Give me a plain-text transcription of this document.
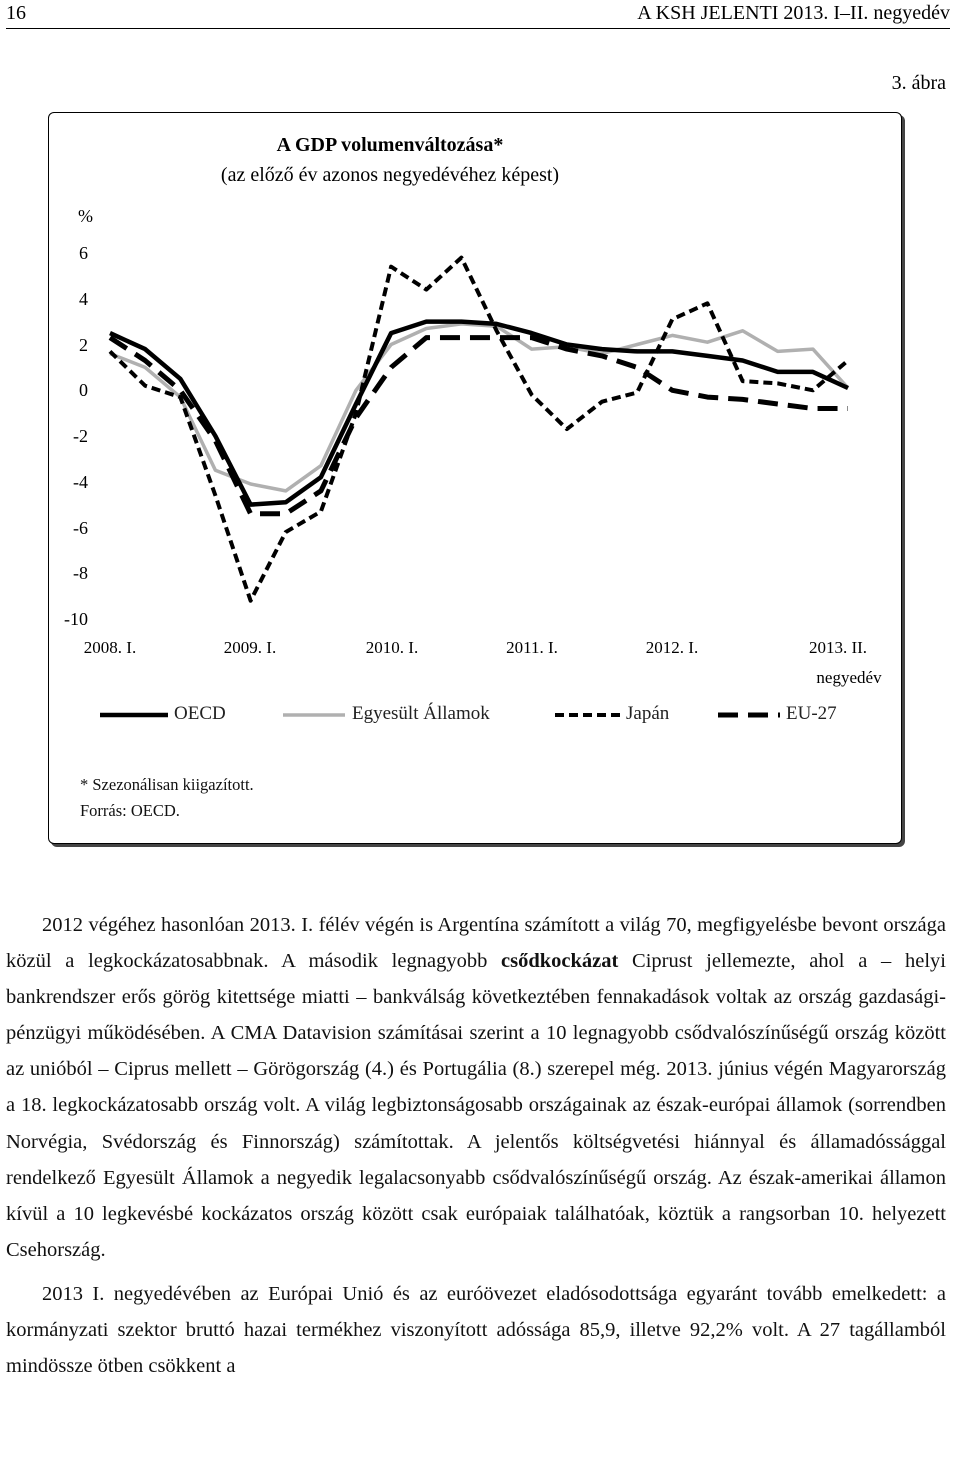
16	A KSH JELENTI 2013. I–II. negyedév
3. ábra
A GDP volumenváltozása*
(az előző év azonos negyedévéhez képest)
%
6
4
2
0
-2
-4
-6
-8
-10
2008. I.	2009. I.	2010. I.	2011. I.	2012. I.	2013. II.
negyedév
OECD	Egyesült Államok	Japán	EU-27
* Szezonálisan kiigazított.
Forrás: OECD.

2012 végéhez hasonlóan 2013. I. félév végén is Argentína számított a világ 70, megfigyelésbe bevont országa közül a legkockázatosabbnak. A második legnagyobb csődkockázat Ciprust jellemezte, ahol a – helyi bankrendszer erős görög kitettsége miatti – bankválság következtében fennakadások voltak az ország gazdasági-pénzügyi működésében. A CMA Datavision számításai szerint a 10 legnagyobb csődvalószínűségű ország között az unióból – Ciprus mellett – Görögország (4.) és Portugália (8.) szerepel még. 2013. június végén Magyarország a 18. legkockázatosabb ország volt. A világ legbiztonságosabb országainak az észak-európai államok (sorrendben Norvégia, Svédország és Finnország) számítottak. A jelentős költségvetési hiánnyal és államadóssággal rendelkező Egyesült Államok a negyedik legalacsonyabb csődvalószínűségű ország. Az észak-amerikai államon kívül a 10 legkevésbé kockázatos ország között csak európaiak találhatóak, köztük a rangsorban 10. helyezett Csehország.

2013 I. negyedévében az Európai Unió és az euróövezet eladósodottsága egyaránt tovább emelkedett: a kormányzati szektor bruttó hazai termékhez viszonyított adóssága 85,9, illetve 92,2% volt. A 27 tagállamból mindössze ötben csökkent a
